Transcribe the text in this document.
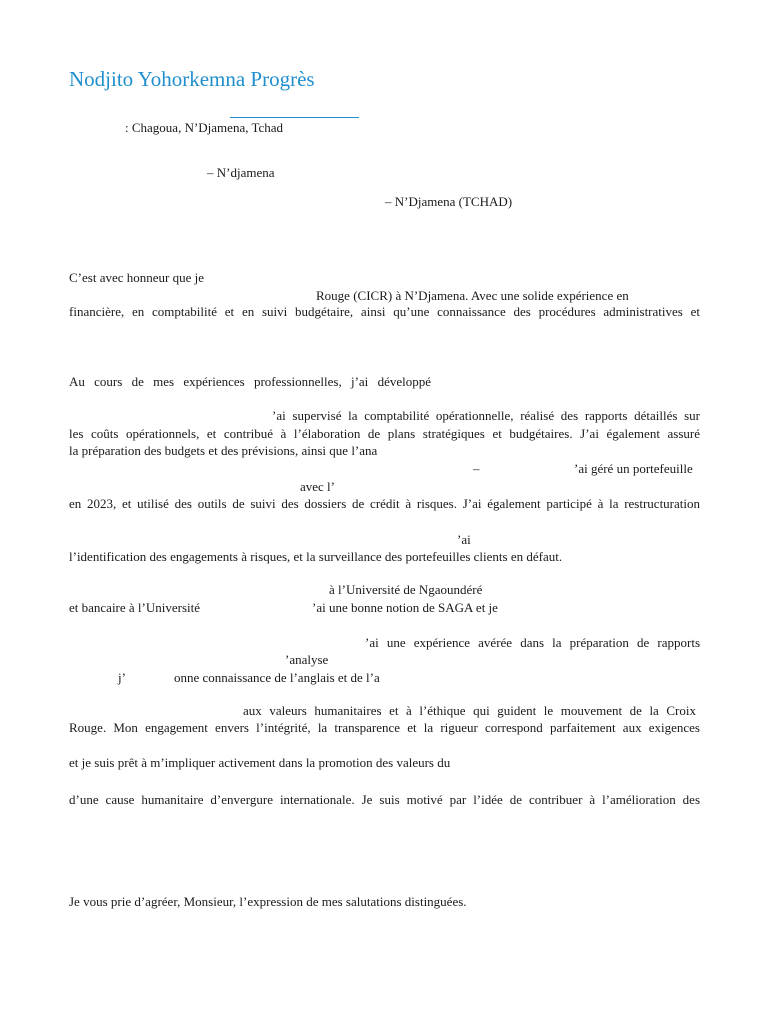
Nodjito Yohorkemna Progrès
: Chagoua, N’Djamena, Tchad
– N’djamena
– N’Djamena (TCHAD)
C’est avec honneur que je
Rouge (CICR) à N’Djamena. Avec une solide expérience en
financière, en comptabilité et en suivi budgétaire, ainsi qu’une connaissance des procédures administratives et
Au cours de mes expériences professionnelles, j’ai développé
’ai supervisé la comptabilité opérationnelle, réalisé des rapports détaillés sur
les coûts opérationnels, et contribué à l’élaboration de plans stratégiques et budgétaires. J’ai également assuré
la préparation des budgets et des prévisions, ainsi que l’ana
–	’ai géré un portefeuille
avec l’
en 2023, et utilisé des outils de suivi des dossiers de crédit à risques. J’ai également participé à la restructuration
’ai
l’identification des engagements à risques, et la surveillance des portefeuilles clients en défaut.
à l’Université de Ngaoundéré
et bancaire à l’Université	’ai une bonne notion de SAGA et je
’ai une expérience avérée dans la préparation de rapports
’analyse
j’	onne connaissance de l’anglais et de l’a
aux valeurs humanitaires et à l’éthique qui guident le mouvement de la Croix
Rouge. Mon engagement envers l’intégrité, la transparence et la rigueur correspond parfaitement aux exigences
et je suis prêt à m’impliquer activement dans la promotion des valeurs du
d’une cause humanitaire d’envergure internationale. Je suis motivé par l’idée de contribuer à l’amélioration des
Je vous prie d’agréer, Monsieur, l’expression de mes salutations distinguées.
